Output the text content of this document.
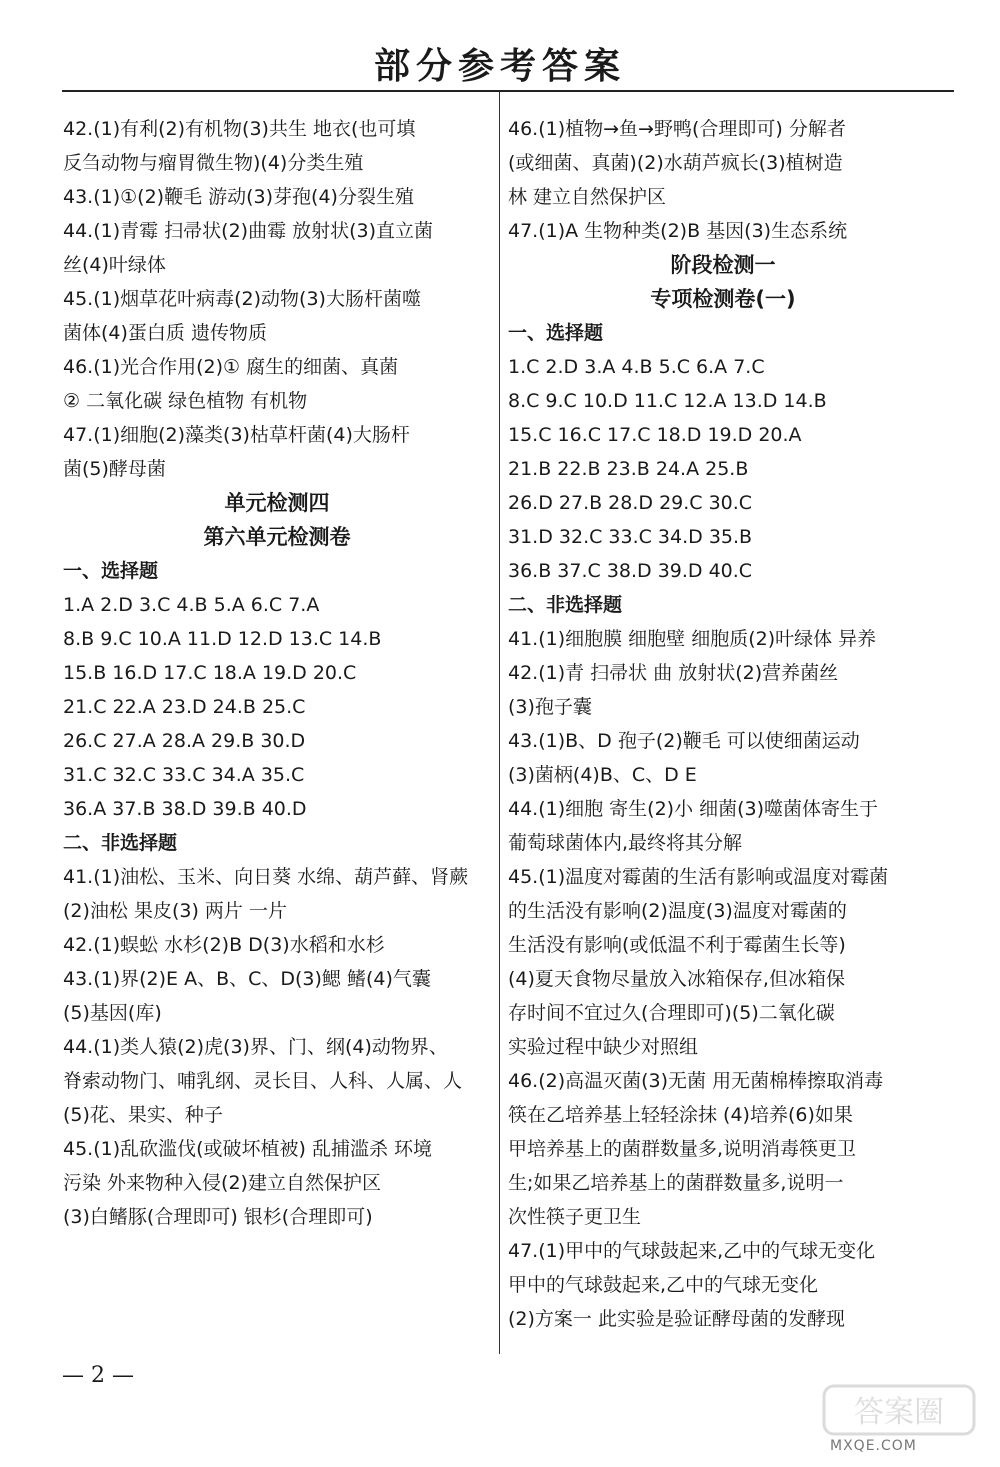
部分参考答案
42.(1)有利(2)有机物(3)共生 地衣(也可填
反刍动物与瘤胃微生物)(4)分类生殖
43.(1)①(2)鞭毛 游动(3)芽孢(4)分裂生殖
44.(1)青霉 扫帚状(2)曲霉 放射状(3)直立菌
丝(4)叶绿体
45.(1)烟草花叶病毒(2)动物(3)大肠杆菌噬
菌体(4)蛋白质 遗传物质
46.(1)光合作用(2)① 腐生的细菌、真菌
② 二氧化碳 绿色植物 有机物
47.(1)细胞(2)藻类(3)枯草杆菌(4)大肠杆
菌(5)酵母菌
单元检测四
第六单元检测卷
一、选择题
1.A 2.D 3.C 4.B 5.A 6.C 7.A
8.B 9.C 10.A 11.D 12.D 13.C 14.B
15.B 16.D 17.C 18.A 19.D 20.C
21.C 22.A 23.D 24.B 25.C
26.C 27.A 28.A 29.B 30.D
31.C 32.C 33.C 34.A 35.C
36.A 37.B 38.D 39.B 40.D
二、非选择题
41.(1)油松、玉米、向日葵 水绵、葫芦藓、肾蕨
(2)油松 果皮(3) 两片 一片
42.(1)蜈蚣 水杉(2)B D(3)水稻和水杉
43.(1)界(2)E A、B、C、D(3)鳃 鳍(4)气囊
(5)基因(库)
44.(1)类人猿(2)虎(3)界、门、纲(4)动物界、
脊索动物门、哺乳纲、灵长目、人科、人属、人
(5)花、果实、种子
45.(1)乱砍滥伐(或破坏植被) 乱捕滥杀 环境
污染 外来物种入侵(2)建立自然保护区
(3)白鳍豚(合理即可) 银杉(合理即可)
46.(1)植物→鱼→野鸭(合理即可) 分解者
(或细菌、真菌)(2)水葫芦疯长(3)植树造
林 建立自然保护区
47.(1)A 生物种类(2)B 基因(3)生态系统
阶段检测一
专项检测卷(一)
一、选择题
1.C 2.D 3.A 4.B 5.C 6.A 7.C
8.C 9.C 10.D 11.C 12.A 13.D 14.B
15.C 16.C 17.C 18.D 19.D 20.A
21.B 22.B 23.B 24.A 25.B
26.D 27.B 28.D 29.C 30.C
31.D 32.C 33.C 34.D 35.B
36.B 37.C 38.D 39.D 40.C
二、非选择题
41.(1)细胞膜 细胞壁 细胞质(2)叶绿体 异养
42.(1)青 扫帚状 曲 放射状(2)营养菌丝
(3)孢子囊
43.(1)B、D 孢子(2)鞭毛 可以使细菌运动
(3)菌柄(4)B、C、D E
44.(1)细胞 寄生(2)小 细菌(3)噬菌体寄生于
葡萄球菌体内,最终将其分解
45.(1)温度对霉菌的生活有影响或温度对霉菌
的生活没有影响(2)温度(3)温度对霉菌的
生活没有影响(或低温不利于霉菌生长等)
(4)夏天食物尽量放入冰箱保存,但冰箱保
存时间不宜过久(合理即可)(5)二氧化碳
实验过程中缺少对照组
46.(2)高温灭菌(3)无菌 用无菌棉棒擦取消毒
筷在乙培养基上轻轻涂抹 (4)培养(6)如果
甲培养基上的菌群数量多,说明消毒筷更卫
生;如果乙培养基上的菌群数量多,说明一
次性筷子更卫生
47.(1)甲中的气球鼓起来,乙中的气球无变化
甲中的气球鼓起来,乙中的气球无变化
(2)方案一 此实验是验证酵母菌的发酵现
— 2 —
答案圈
MXQE.COM
